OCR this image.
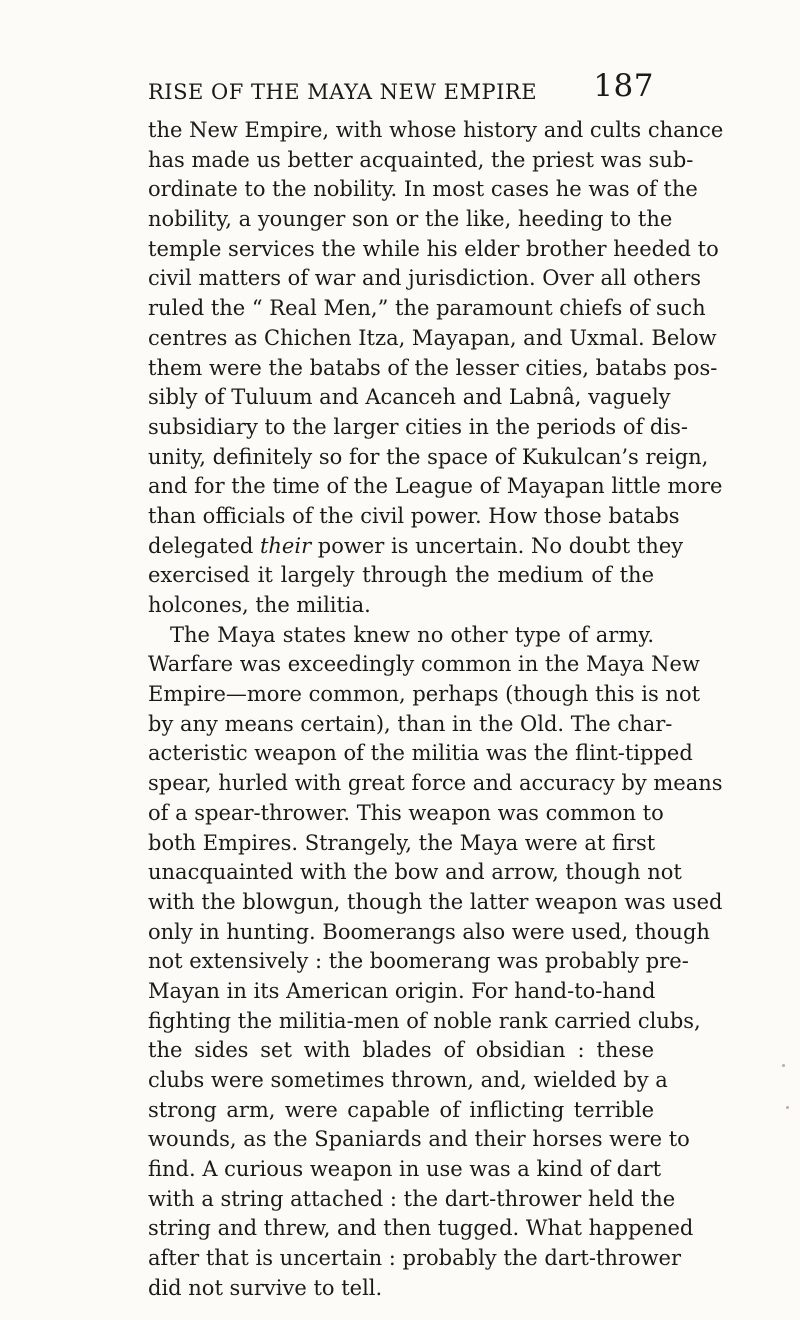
RISE OF THE MAYA NEW EMPIRE 187
the New Empire, with whose history and cults chance
has made us better acquainted, the priest was sub-
ordinate to the nobility. In most cases he was of the
nobility, a younger son or the like, heeding to the
temple services the while his elder brother heeded to
civil matters of war and jurisdiction. Over all others
ruled the “ Real Men,” the paramount chiefs of such
centres as Chichen Itza, Mayapan, and Uxmal. Below
them were the batabs of the lesser cities, batabs pos-
sibly of Tuluum and Acanceh and Labnâ, vaguely
subsidiary to the larger cities in the periods of dis-
unity, definitely so for the space of Kukulcan’s reign,
and for the time of the League of Mayapan little more
than officials of the civil power. How those batabs
delegated their power is uncertain. No doubt they
exercised it largely through the medium of the
holcones, the militia.
The Maya states knew no other type of army.
Warfare was exceedingly common in the Maya New
Empire—more common, perhaps (though this is not
by any means certain), than in the Old. The char-
acteristic weapon of the militia was the flint-tipped
spear, hurled with great force and accuracy by means
of a spear-thrower. This weapon was common to
both Empires. Strangely, the Maya were at first
unacquainted with the bow and arrow, though not
with the blowgun, though the latter weapon was used
only in hunting. Boomerangs also were used, though
not extensively : the boomerang was probably pre-
Mayan in its American origin. For hand-to-hand
fighting the militia-men of noble rank carried clubs,
the sides set with blades of obsidian : these
clubs were sometimes thrown, and, wielded by a
strong arm, were capable of inflicting terrible
wounds, as the Spaniards and their horses were to
find. A curious weapon in use was a kind of dart
with a string attached : the dart-thrower held the
string and threw, and then tugged. What happened
after that is uncertain : probably the dart-thrower
did not survive to tell.
